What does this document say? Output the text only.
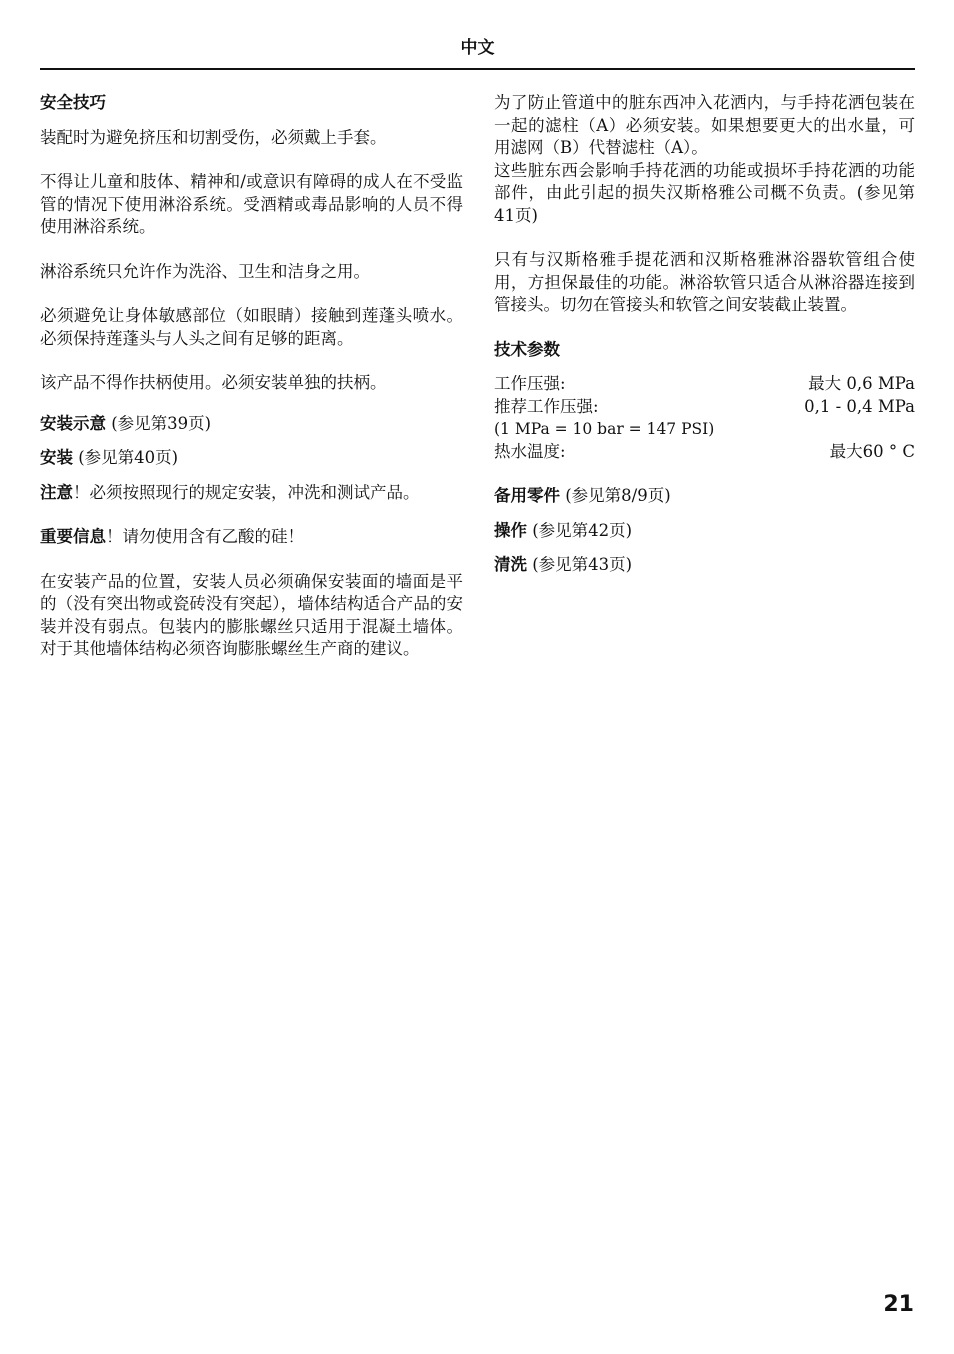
中文
安全技巧
装配时为避免挤压和切割受伤，必须戴上手套。
不得让儿童和肢体、精神和/或意识有障碍的成人在不受监管的情况下使用淋浴系统。受酒精或毒品影响的人员不得使用淋浴系统。
淋浴系统只允许作为洗浴、卫生和洁身之用。
必须避免让身体敏感部位（如眼睛）接触到莲蓬头喷水。必须保持莲蓬头与人头之间有足够的距离。
该产品不得作扶柄使用。必须安装单独的扶柄。
安装示意 (参见第39页)
安装 (参见第40页)
注意！必须按照现行的规定安装，冲洗和测试产品。
重要信息！请勿使用含有乙酸的硅！
在安装产品的位置，安装人员必须确保安装面的墙面是平的（没有突出物或瓷砖没有突起），墙体结构适合产品的安装并没有弱点。包装内的膨胀螺丝只适用于混凝土墙体。对于其他墙体结构必须咨询膨胀螺丝生产商的建议。
为了防止管道中的脏东西冲入花洒内，与手持花洒包装在一起的滤柱（A）必须安装。如果想要更大的出水量，可用滤网（B）代替滤柱（A）。
这些脏东西会影响手持花洒的功能或损坏手持花洒的功能部件，由此引起的损失汉斯格雅公司概不负责。(参见第41页)
只有与汉斯格雅手提花洒和汉斯格雅淋浴器软管组合使用，方担保最佳的功能。淋浴软管只适合从淋浴器连接到管接头。切勿在管接头和软管之间安装截止装置。
技术参数
工作压强:	最大 0,6 MPa
推荐工作压强:	0,1 - 0,4 MPa
(1 MPa = 10 bar = 147 PSI)
热水温度:	最大60 ° C
备用零件 (参见第8/9页)
操作 (参见第42页)
清洗 (参见第43页)
21
